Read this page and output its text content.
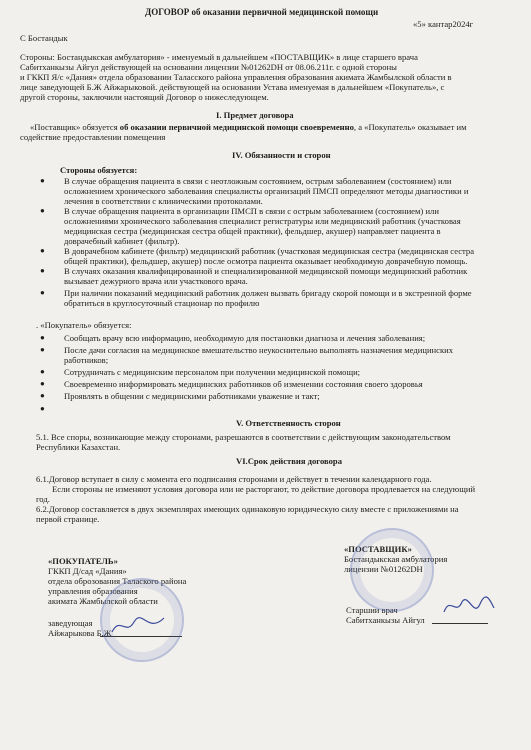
ДОГОВОР об оказании первичной медицинской помощи
«5» кантар2024г
С Бостандык
Стороны: Бостандыкская амбулатория» - именуемый в дальнейшем «ПОСТАВЩИК» в лице старшего врача
Сабитханкызы Айгул действующей на основании лицензии №01262DH от 08.06.211г. с одной стороны
и ГККП Я/с «Дания» отдела образовании Таласского района управления образования акимата Жамбылской области в
лице заведующей Б.Ж Айжарыковой. действующей на основании Устава именуемая в дальнейшем «Покупатель», с
другой стороны, заключили настоящий Договор о нижеследующем.
I. Предмет договора
«Поставщик» обязуется об оказании первичной медицинской помощи своевременно, а «Покупатель» оказывает им
содействие предоставлении помещения
IV. Обязанности и сторон
Стороны обязуется:
● В случае обращения пациента в связи с неотложным состоянием, острым заболеванием (состоянием) или
осложнением хронического заболевания специалисты организаций ПМСП определяют методы диагностики и
лечения в соответствии с клиническими протоколами.
● В случае обращения пациента в организации ПМСП в связи с острым заболеванием (состоянием) или
осложнениями хронического заболевания специалист регистратуры или медицинский работник (участковая
медицинская сестра (медицинская сестра общей практики), фельдшер, акушер) направляет пациента в
доврачебный кабинет (фильтр).
● В доврачебном кабинете (фильтр) медицинский работник (участковая медицинская сестра (медицинская сестра
общей практики), фельдшер, акушер) после осмотра пациента оказывает необходимую доврачебную помощь.
● В случаях оказания квалифицированной и специализированной медицинской помощи медицинский работник
вызывает дежурного врача или участкового врача.
● При наличии показаний медицинский работник должен вызвать бригаду скорой помощи и в экстренной форме
обратиться в круглосуточный стационар по профилю
. «Покупатель» обязуется:
● Сообщать врачу всю информацию, необходимую для постановки диагноза и лечения заболевания;
● После дачи согласия на медицинское вмешательство неукоснительно выполнять назначения медицинских
работников;
● Сотрудничать с медицинским персоналом при получении медицинской помощи;
● Своевременно информировать медицинских работников об изменении состояния своего здоровья
● Проявлять в общении с медицинскими работниками уважение и такт;
●
V. Ответственность сторон
5.1. Все споры, возникающие между сторонами, разрешаются в соответствии с действующим законодательством
Республики Казахстан.
VI.Срок действия договора
6.1.Договор вступает в силу с момента его подписания сторонами и действует в течении календарного года.
Если стороны не изменяют условия договора или не расторгают, то действие договора продлевается на следующий
год.
6.2.Договор составляется в двух экземплярах имеющих одинаковую юридическую силу вместе с приложениями на
первой странице.
«ПОКУПАТЕЛЬ»
ГККП Д/сад «Дания»
отдела оброзования Талаского района
управления образования
акимата Жамбылской области
заведующая
Айжарыкова Б.Ж
«ПОСТАВЩИК»
Бостандыкская амбулатория
лицензии №01262DH
Старшии врач
Сабитханкызы Айгул
